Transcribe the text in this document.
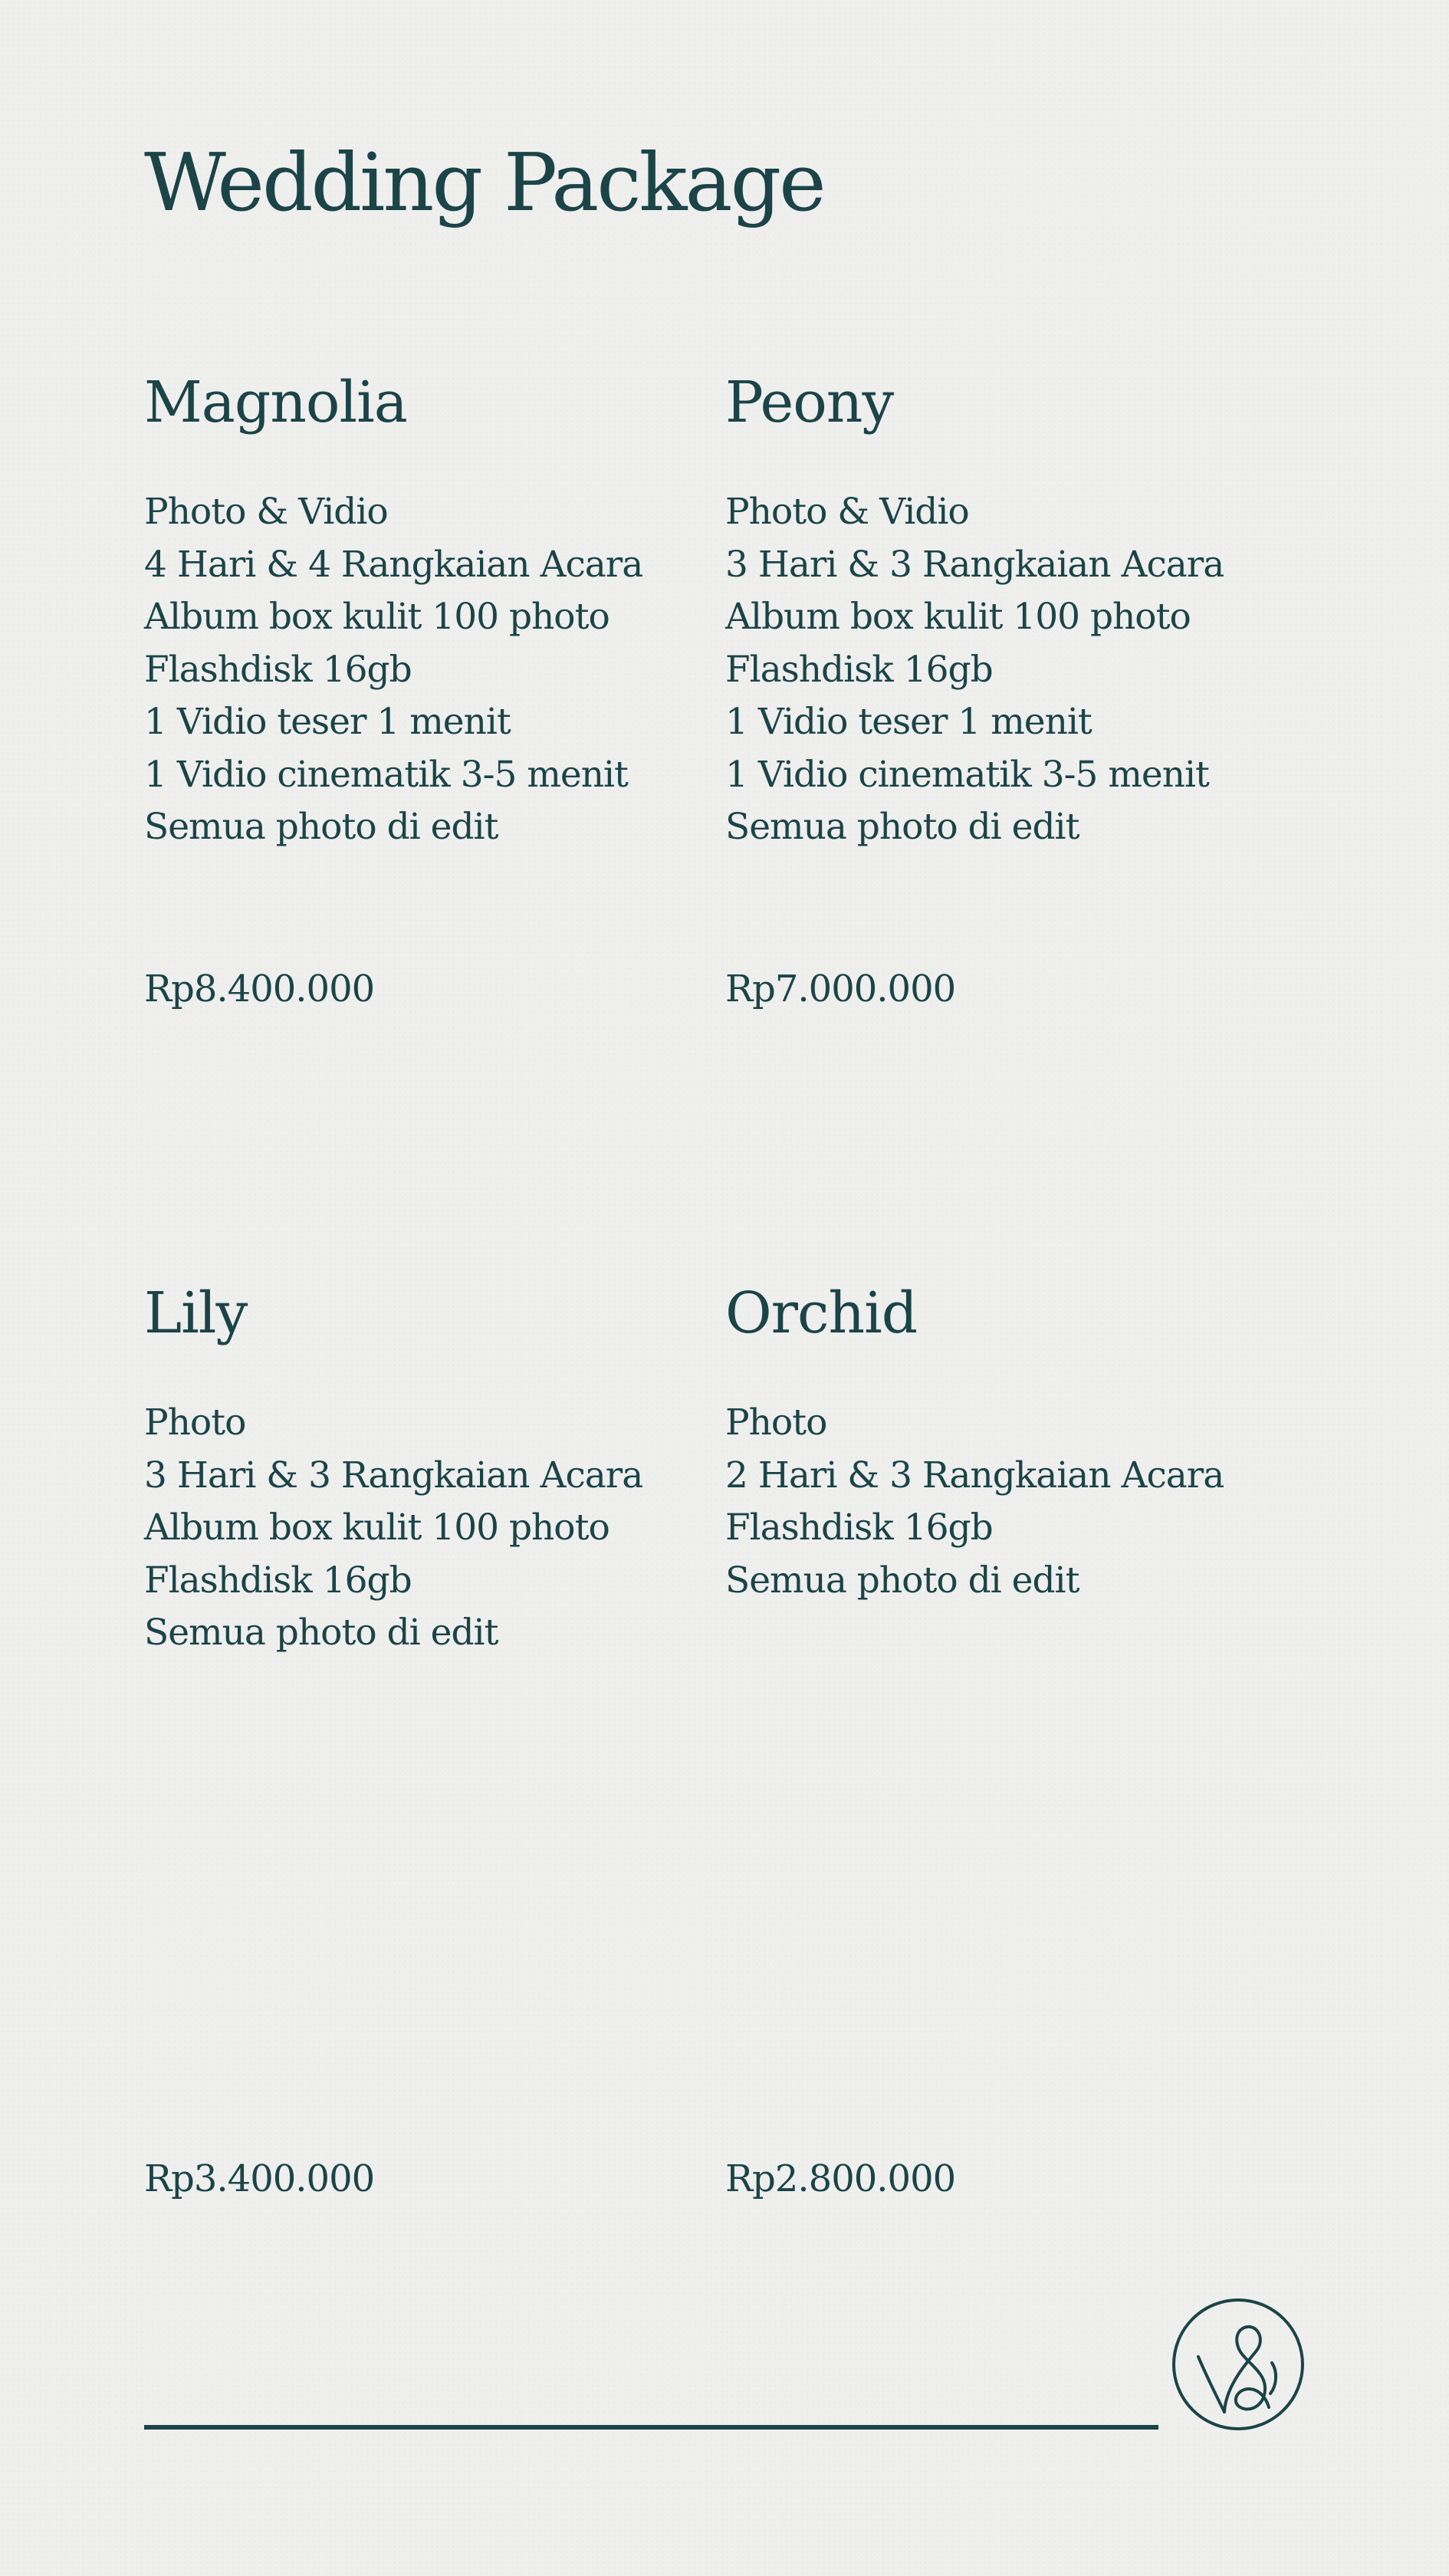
Wedding Package
Magnolia
Photo & Vidio
4 Hari & 4 Rangkaian Acara
Album box kulit 100 photo
Flashdisk 16gb
1 Vidio teser 1 menit
1 Vidio cinematik 3-5 menit
Semua photo di edit

Rp8.400.000

Peony
Photo & Vidio
3 Hari & 3 Rangkaian Acara
Album box kulit 100 photo
Flashdisk 16gb
1 Vidio teser 1 menit
1 Vidio cinematik 3-5 menit
Semua photo di edit

Rp7.000.000

Lily
Photo
3 Hari & 3 Rangkaian Acara
Album box kulit 100 photo
Flashdisk 16gb
Semua photo di edit

Rp3.400.000

Orchid
Photo
2 Hari & 3 Rangkaian Acara
Flashdisk 16gb
Semua photo di edit

Rp2.800.000
